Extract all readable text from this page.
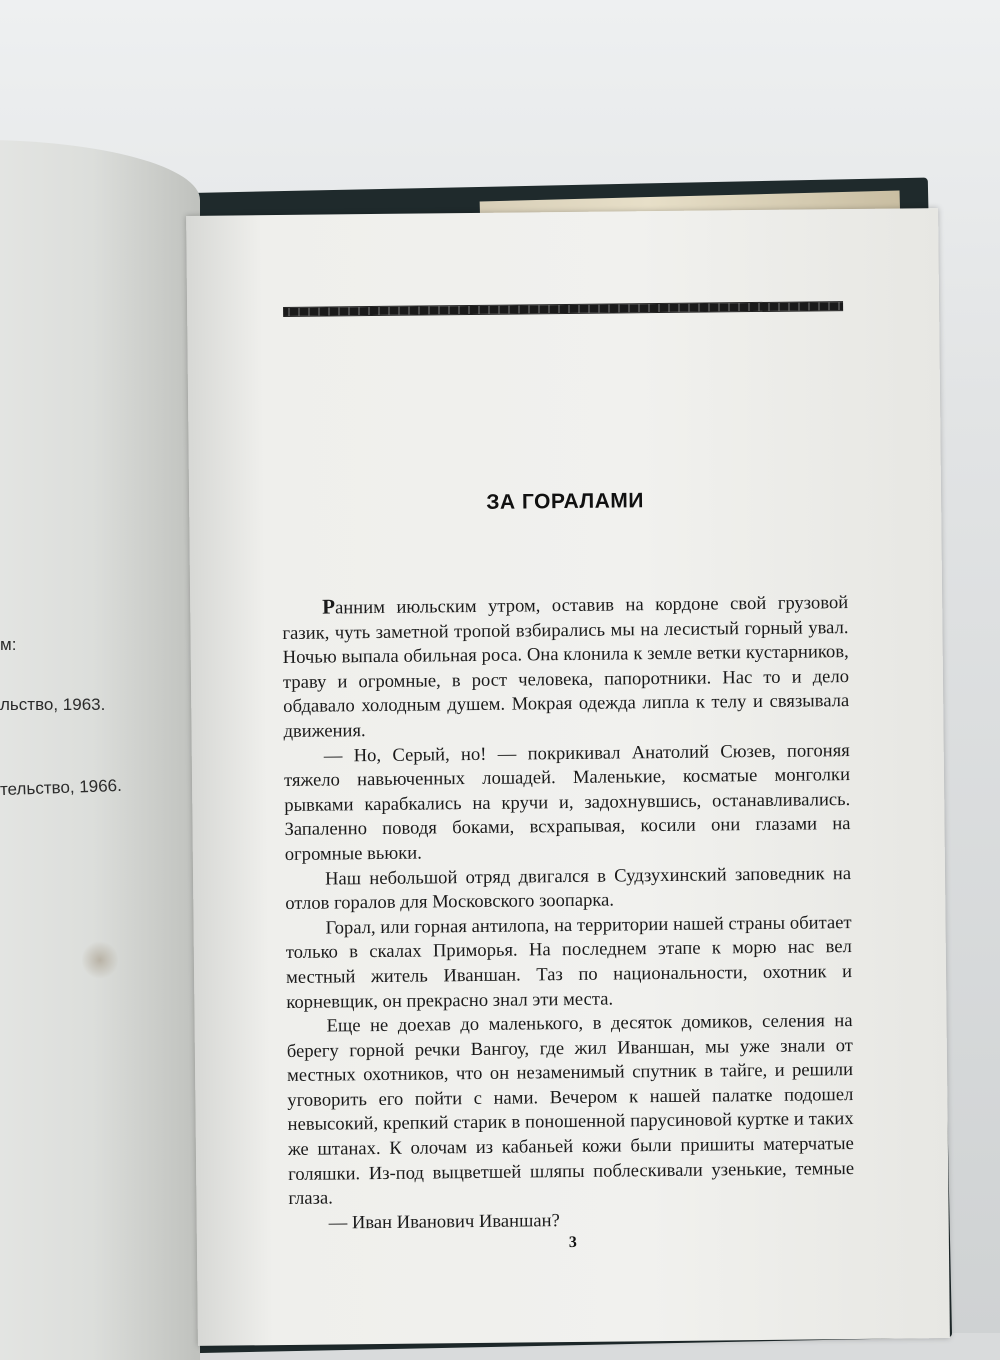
м:
льство, 1963.
тельство, 1966.
ЗА ГОРАЛАМИ

Ранним июльским утром, оставив на кордоне свой грузовой газик, чуть заметной тропой взбирались мы на лесистый горный увал. Ночью выпала обильная роса. Она клонила к земле ветки кустарников, траву и огромные, в рост человека, папоротники. Нас то и дело обдавало холодным душем. Мокрая одежда липла к телу и связывала движения.

— Но, Серый, но! — покрикивал Анатолий Сюзев, погоняя тяжело навьюченных лошадей. Маленькие, косматые монголки рывками карабкались на кручи и, задохнувшись, останавливались. Запаленно поводя боками, всхрапывая, косили они глазами на огромные вьюки.

Наш небольшой отряд двигался в Судзухинский заповедник на отлов горалов для Московского зоопарка.

Горал, или горная антилопа, на территории нашей страны обитает только в скалах Приморья. На последнем этапе к морю нас вел местный житель Иваншан. Таз по национальности, охотник и корневщик, он прекрасно знал эти места.

Еще не доехав до маленького, в десяток домиков, селения на берегу горной речки Вангоу, где жил Иваншан, мы уже знали от местных охотников, что он незаменимый спутник в тайге, и решили уговорить его пойти с нами. Вечером к нашей палатке подошел невысокий, крепкий старик в поношенной парусиновой куртке и таких же штанах. К олочам из кабаньей кожи были пришиты матерчатые голяшки. Из-под выцветшей шляпы поблескивали узенькие, темные глаза.

— Иван Иванович Иваншан?

3
